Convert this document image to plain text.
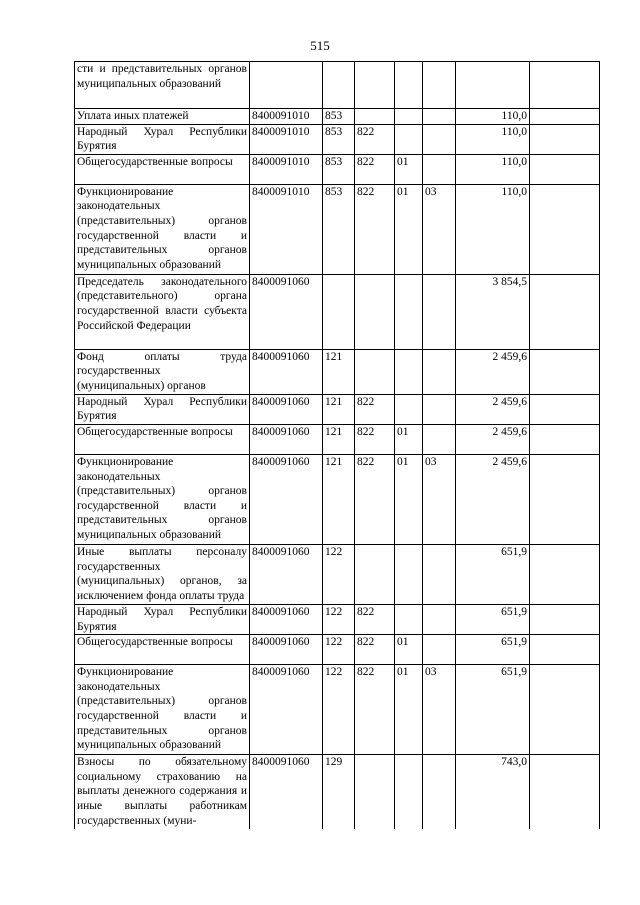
515
сти и представительных органов муниципальных образований							
Уплата иных платежей	8400091010	853				110,0	
Народный Хурал Республики Бурятия	8400091010	853	822			110,0	
Общегосударственные вопросы	8400091010	853	822	01		110,0	
Функционирование законодательных (представительных) органов государственной власти и представительных органов муниципальных образований	8400091010	853	822	01	03	110,0	
Председатель законодательного (представительного) органа государственной власти субъекта Российской Федерации	8400091060					3 854,5	
Фонд оплаты труда государственных (муниципальных) органов	8400091060	121				2 459,6	
Народный Хурал Республики Бурятия	8400091060	121	822			2 459,6	
Общегосударственные вопросы	8400091060	121	822	01		2 459,6	
Функционирование законодательных (представительных) органов государственной власти и представительных органов муниципальных образований	8400091060	121	822	01	03	2 459,6	
Иные выплаты персоналу государственных (муниципальных) органов, за исключением фонда оплаты труда	8400091060	122				651,9	
Народный Хурал Республики Бурятия	8400091060	122	822			651,9	
Общегосударственные вопросы	8400091060	122	822	01		651,9	
Функционирование законодательных (представительных) органов государственной власти и представительных органов муниципальных образований	8400091060	122	822	01	03	651,9	
Взносы по обязательному социальному страхованию на выплаты денежного содержания и иные выплаты работникам государственных (муни-	8400091060	129				743,0	
